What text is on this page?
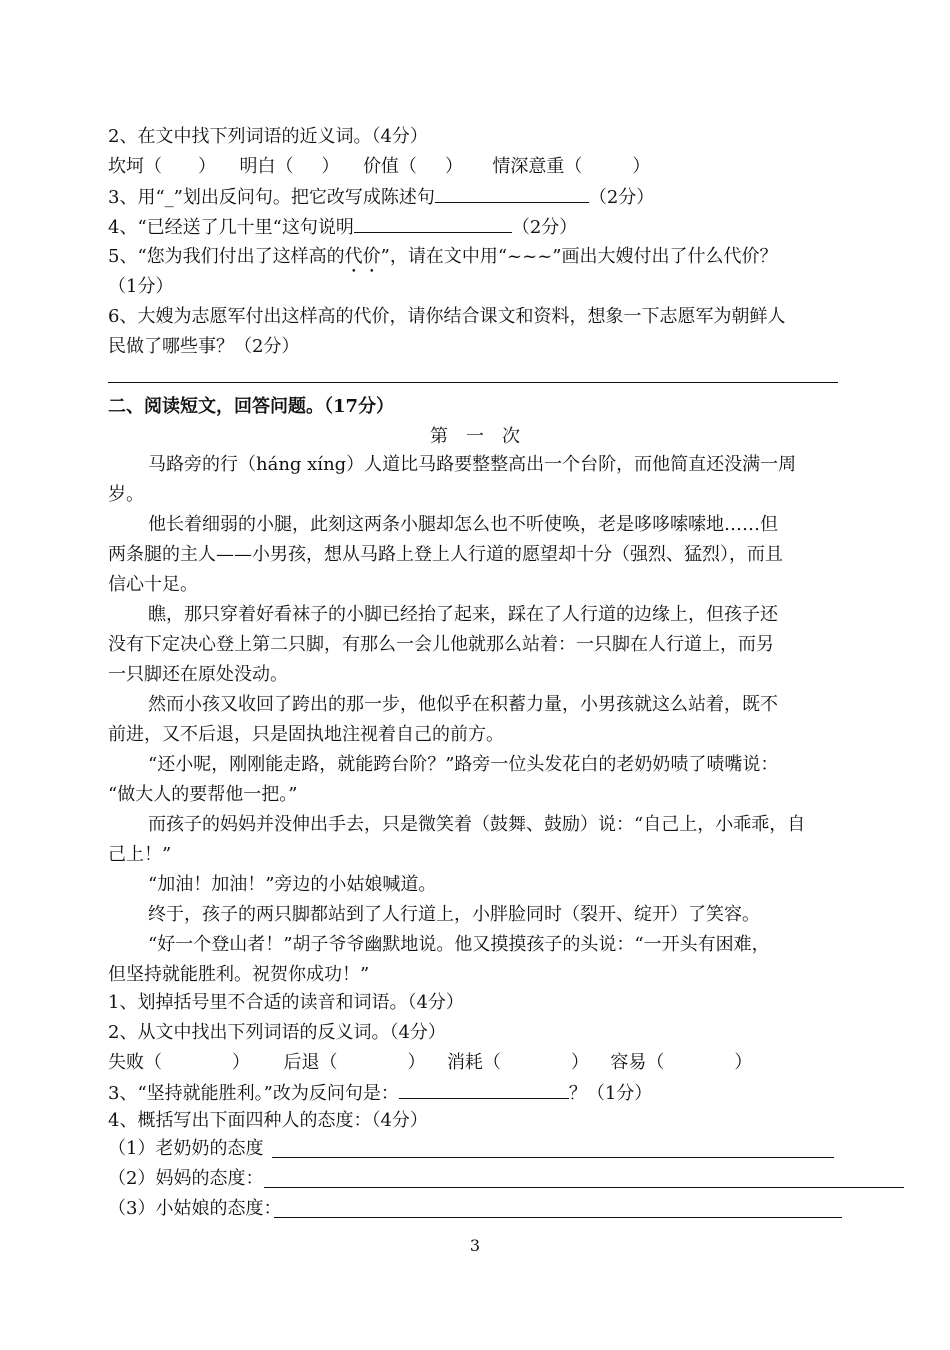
2、在文中找下列词语的近义词。（4分）
坎坷（ ） 明白（ ） 价值（ ） 情深意重（	）
3、用“_”划出反问句。把它改写成陈述句	（2分）
4、“已经送了几十里“这句说明	（2分）
5、“您为我们付出了这样高的代价”，请在文中用“~~~”画出大嫂付出了什么代价？
（1分）
6、大嫂为志愿军付出这样高的代价，请你结合课文和资料，想象一下志愿军为朝鲜人
民做了哪些事？（2分）
二、阅读短文，回答问题。（17分）
第　一　次
马路旁的行（háng xíng）人道比马路要整整高出一个台阶，而他简直还没满一周
岁。
他长着细弱的小腿，此刻这两条小腿却怎么也不听使唤，老是哆哆嗦嗦地……但
两条腿的主人——小男孩，想从马路上登上人行道的愿望却十分（强烈、猛烈），而且
信心十足。
瞧，那只穿着好看袜子的小脚已经抬了起来，踩在了人行道的边缘上，但孩子还
没有下定决心登上第二只脚，有那么一会儿他就那么站着：一只脚在人行道上，而另
一只脚还在原处没动。
然而小孩又收回了跨出的那一步，他似乎在积蓄力量，小男孩就这么站着，既不
前进，又不后退，只是固执地注视着自己的前方。
“还小呢，刚刚能走路，就能跨台阶？”路旁一位头发花白的老奶奶啧了啧嘴说：
“做大人的要帮他一把。”
而孩子的妈妈并没伸出手去，只是微笑着（鼓舞、鼓励）说：“自己上，小乖乖，自
己上！”
“加油！加油！”旁边的小姑娘喊道。
终于，孩子的两只脚都站到了人行道上，小胖脸同时（裂开、绽开）了笑容。
“好一个登山者！”胡子爷爷幽默地说。他又摸摸孩子的头说：“一开头有困难，
但坚持就能胜利。祝贺你成功！”
1、划掉括号里不合适的读音和词语。（4分）
2、从文中找出下列词语的反义词。（4分）
失败（	） 后退（	） 消耗（	） 容易（	）
3、“坚持就能胜利。”改为反问句是：	？（1分）
4、概括写出下面四种人的态度：（4分）
（1）老奶奶的态度
（2）妈妈的态度：
（3）小姑娘的态度：
3
